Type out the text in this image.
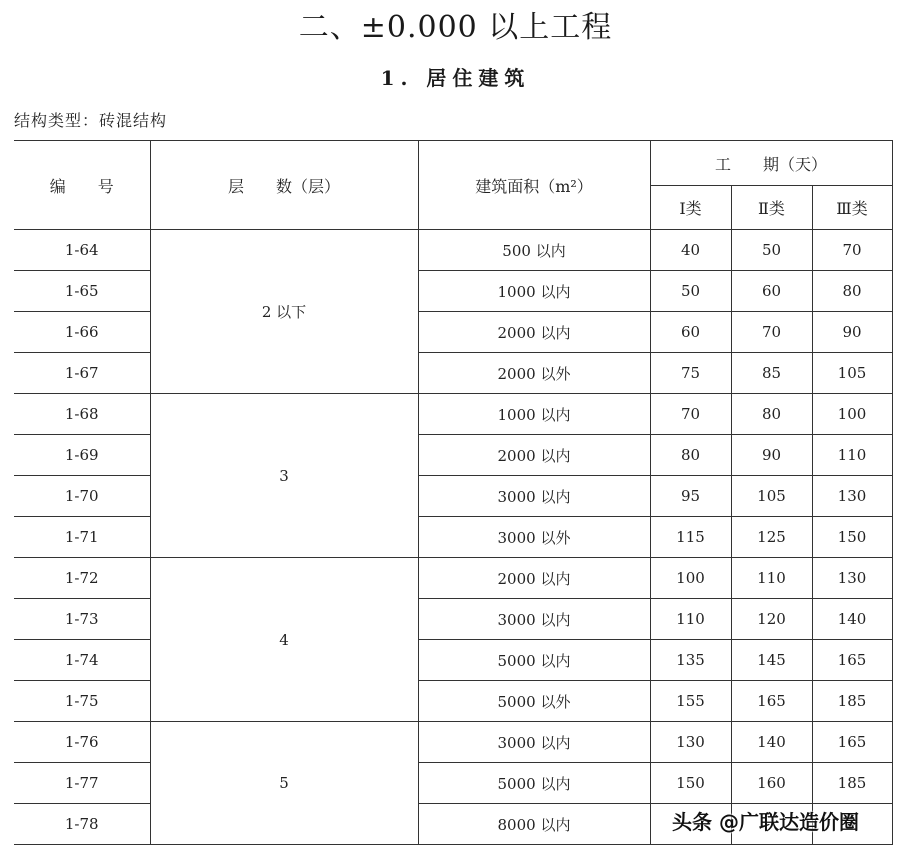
二、±0.000 以上工程
1. 居住建筑
结构类型：砖混结构
编　　号	层　　数（层）	建筑面积（m²）	工　　期（天）		
			Ⅰ类	Ⅱ类	Ⅲ类
1-64	2 以下	500 以内	40	50	70
1-65		1000 以内	50	60	80
1-66		2000 以内	60	70	90
1-67		2000 以外	75	85	105
1-68	3	1000 以内	70	80	100
1-69		2000 以内	80	90	110
1-70		3000 以内	95	105	130
1-71		3000 以外	115	125	150
1-72	4	2000 以内	100	110	130
1-73		3000 以内	110	120	140
1-74		5000 以内	135	145	165
1-75		5000 以外	155	165	185
1-76	5	3000 以内	130	140	165
1-77		5000 以内	150	160	185
1-78		8000 以内				头条 @广联达造价圈
